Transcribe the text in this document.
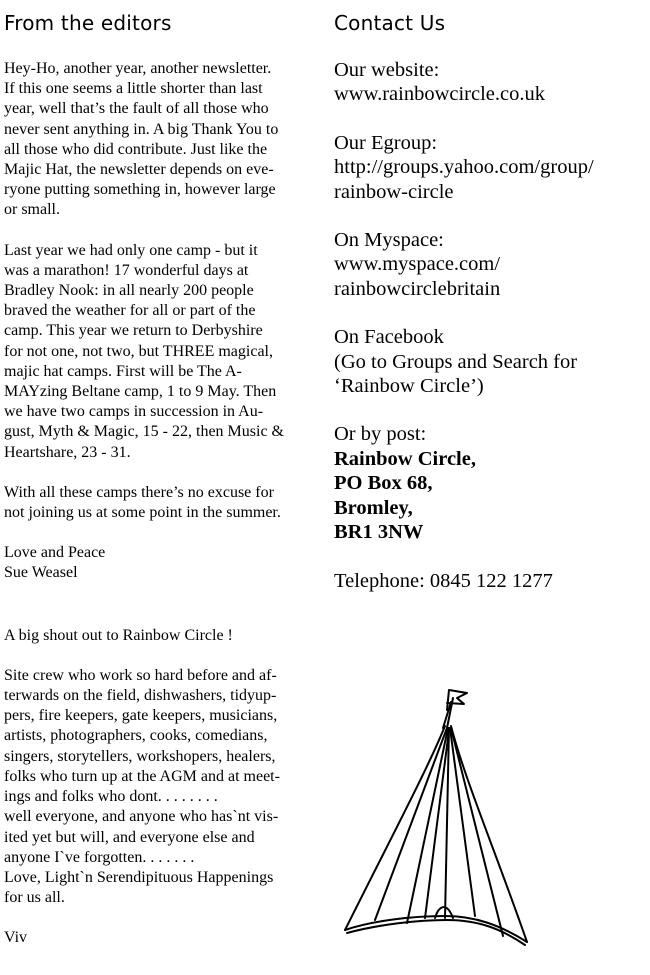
From the editors

Hey-Ho, another year, another newsletter.
If this one seems a little shorter than last
year, well that’s the fault of all those who
never sent anything in. A big Thank You to
all those who did contribute. Just like the
Majic Hat, the newsletter depends on eve-
ryone putting something in, however large
or small.

Last year we had only one camp - but it
was a marathon! 17 wonderful days at
Bradley Nook: in all nearly 200 people
braved the weather for all or part of the
camp. This year we return to Derbyshire
for not one, not two, but THREE magical,
majic hat camps. First will be The A-
MAYzing Beltane camp, 1 to 9 May. Then
we have two camps in succession in Au-
gust, Myth & Magic, 15 - 22, then Music &
Heartshare, 23 - 31.

With all these camps there’s no excuse for
not joining us at some point in the summer.

Love and Peace
Sue Weasel

A big shout out to Rainbow Circle !

Site crew who work so hard before and af-
terwards on the field, dishwashers, tidyup-
pers, fire keepers, gate keepers, musicians,
artists, photographers, cooks, comedians,
singers, storytellers, workshopers, healers,
folks who turn up at the AGM and at meet-
ings and folks who dont. . . . . . . .
well everyone, and anyone who has`nt vis-
ited yet but will, and everyone else and
anyone I`ve forgotten. . . . . . .
Love, Light`n Serendipituous Happenings
for us all.

Viv

Contact Us

Our website:
www.rainbowcircle.co.uk

Our Egroup:
http://groups.yahoo.com/group/
rainbow-circle

On Myspace:
www.myspace.com/
rainbowcirclebritain

On Facebook
(Go to Groups and Search for
‘Rainbow Circle’)

Or by post:
Rainbow Circle,
PO Box 68,
Bromley,
BR1 3NW

Telephone: 0845 122 1277
